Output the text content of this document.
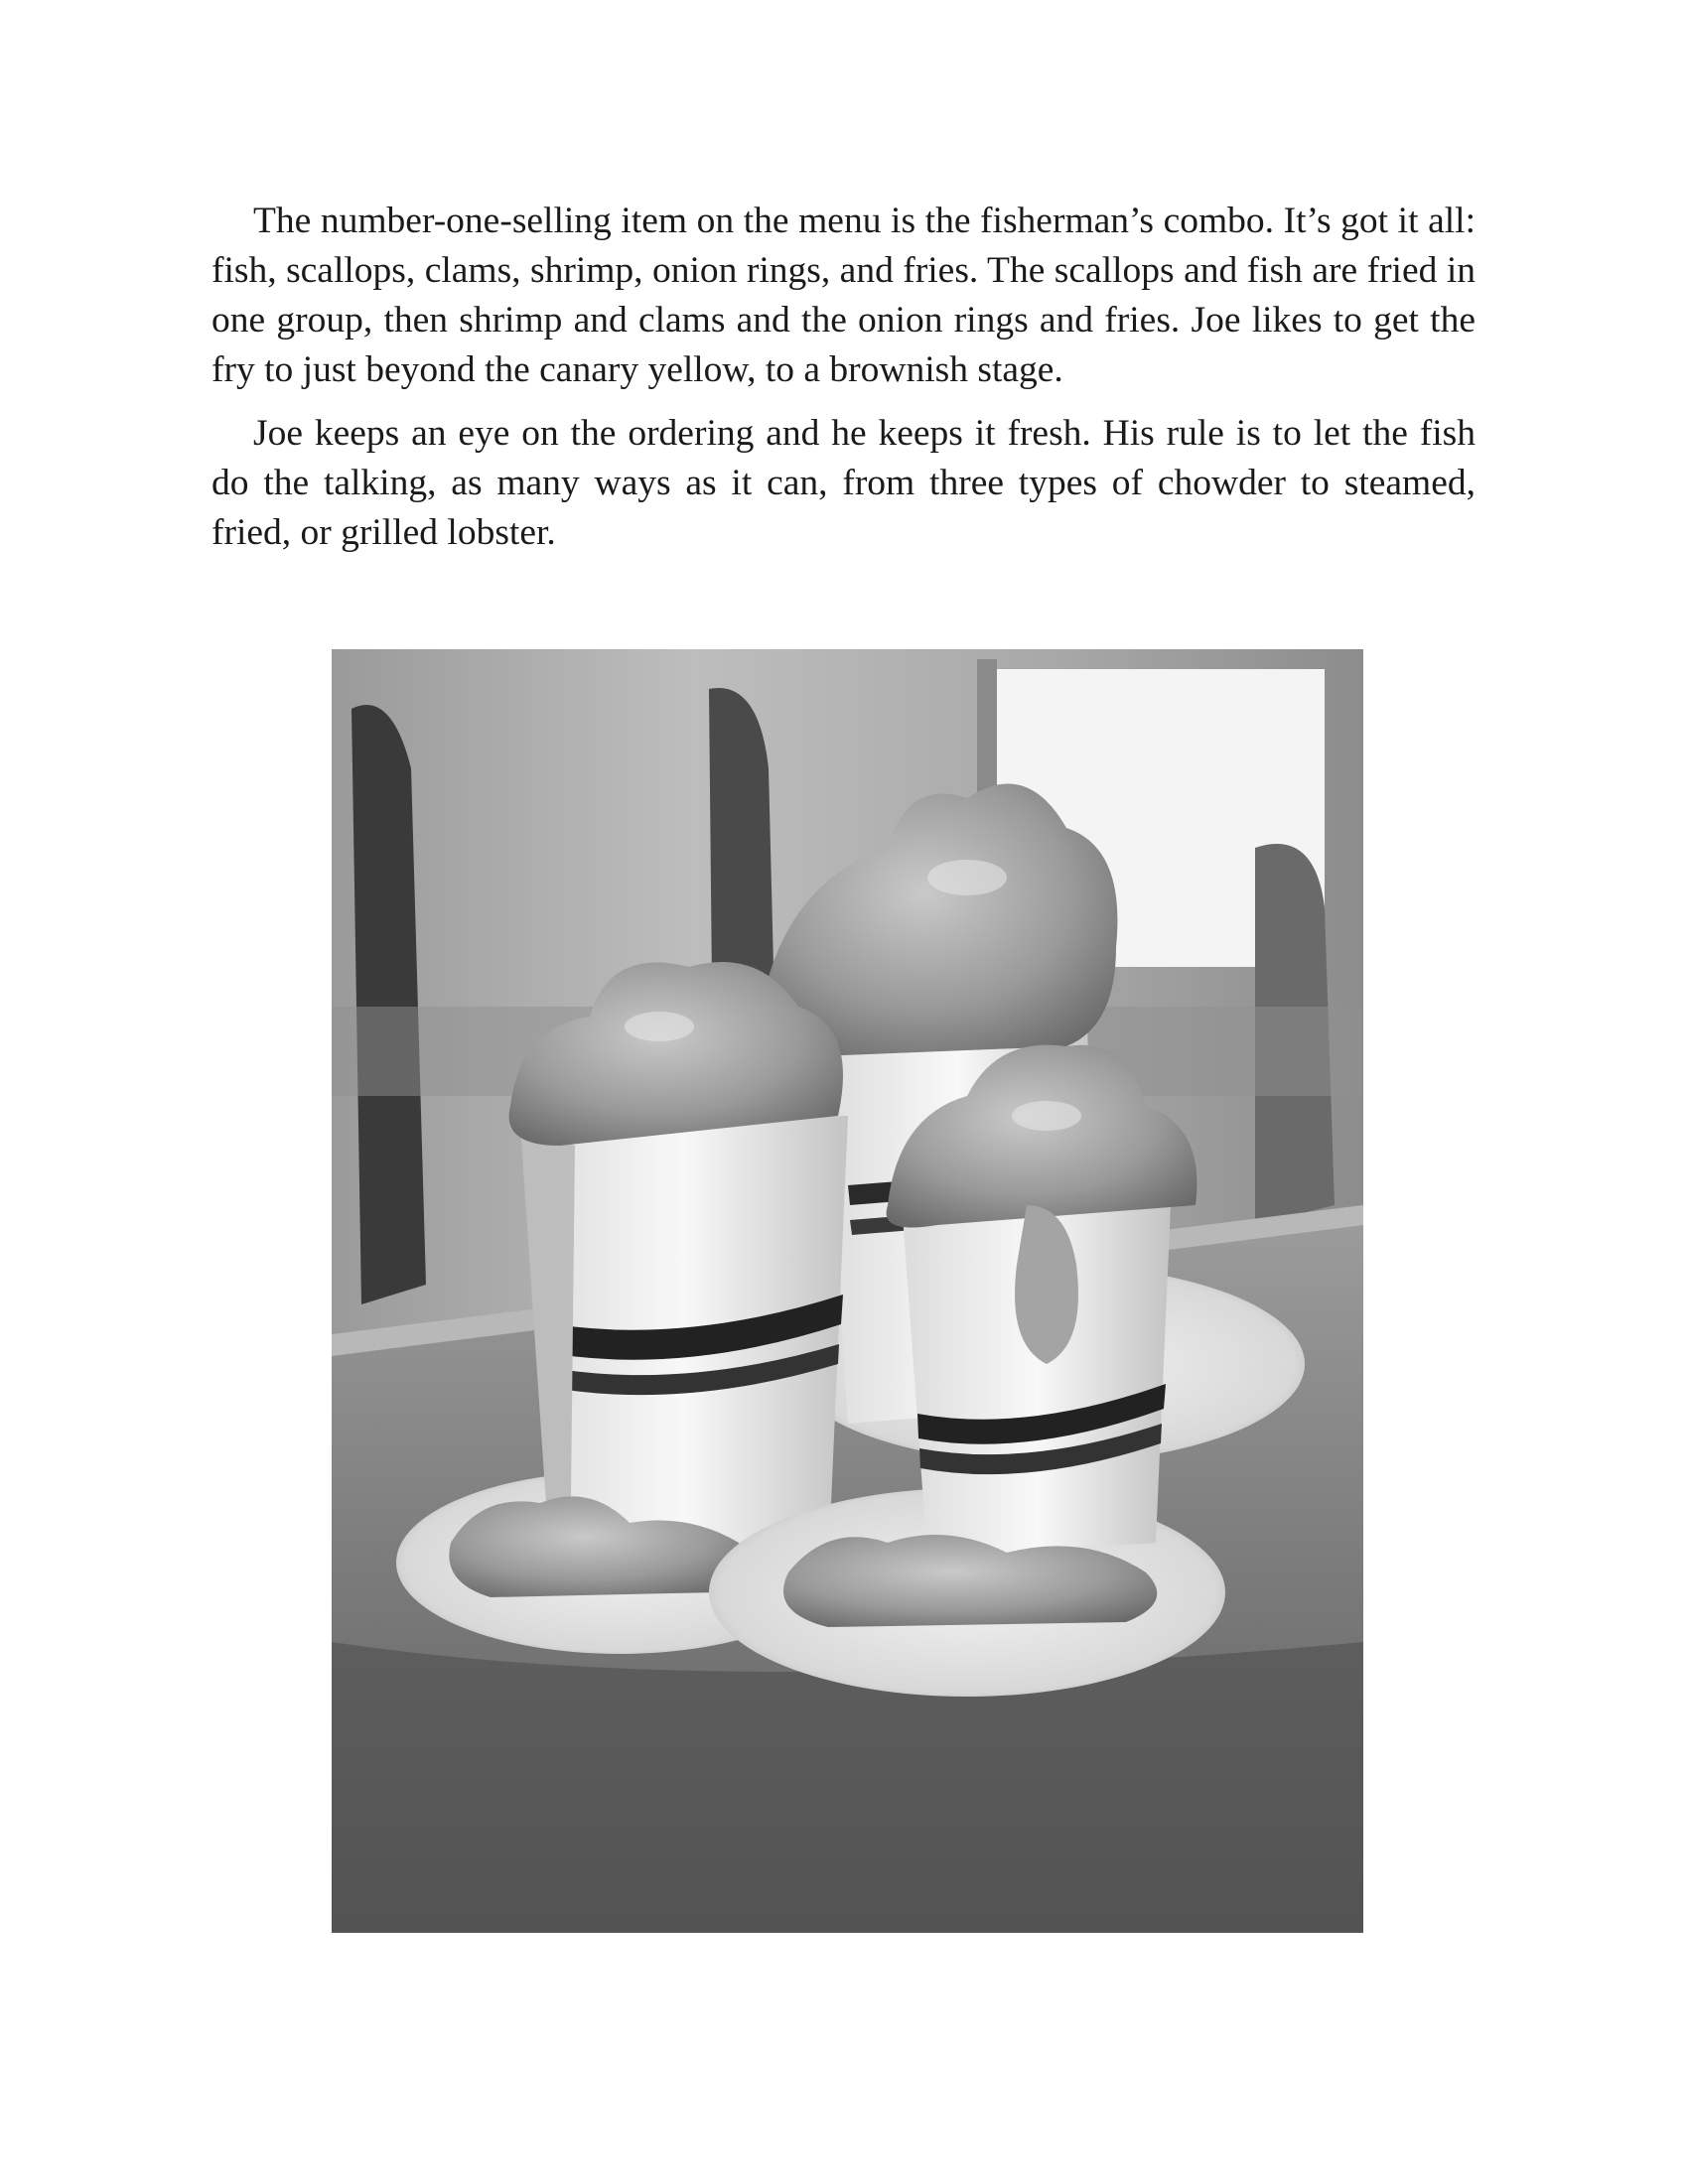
The number-one-selling item on the menu is the fisherman’s combo. It’s got it all: fish, scallops, clams, shrimp, onion rings, and fries. The scallops and fish are fried in one group, then shrimp and clams and the onion rings and fries. Joe likes to get the fry to just beyond the canary yellow, to a brownish stage.

Joe keeps an eye on the ordering and he keeps it fresh. His rule is to let the fish do the talking, as many ways as it can, from three types of chowder to steamed, fried, or grilled lobster.
